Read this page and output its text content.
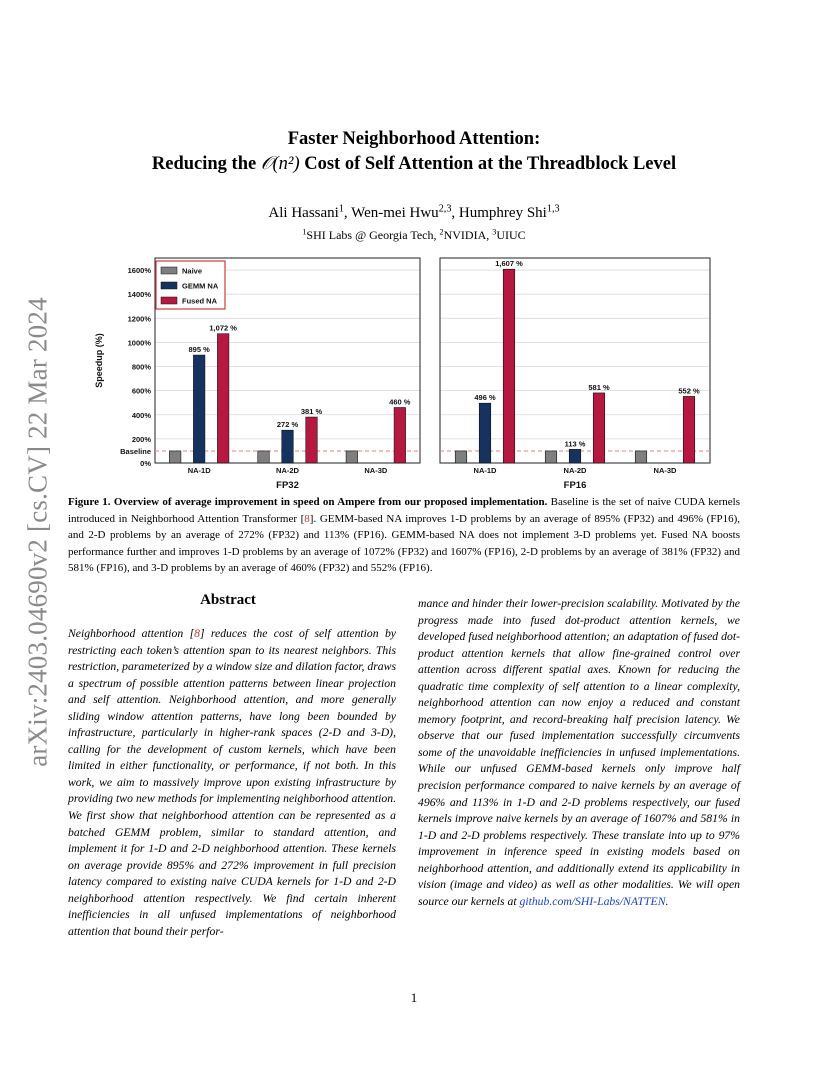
arXiv:2403.04690v2 [cs.CV] 22 Mar 2024
Faster Neighborhood Attention:
Reducing the 𝒪(n²) Cost of Self Attention at the Threadblock Level
Ali Hassani$^1$, Wen-mei Hwu$^{2,3}$, Humphrey Shi$^{1,3}$
$^1$SHI Labs @ Georgia Tech, $^2$NVIDIA, $^3$UIUC
895 %
1,072 %
NA-1D
272 %
381 %
NA-2D
460 %
NA-3D
FP32
496 %
1,607 %
NA-1D
113 %
581 %
NA-2D
552 %
NA-3D
FP16
0%
Baseline
200%
400%
600%
800%
1000%
1200%
1400%
1600%
Speedup (%)
Naive
GEMM NA
Fused NA
Figure 1. Overview of average improvement in speed on Ampere from our proposed implementation. Baseline is the set of naive CUDA kernels introduced in Neighborhood Attention Transformer [8]. GEMM-based NA improves 1-D problems by an average of 895% (FP32) and 496% (FP16), and 2-D problems by an average of 272% (FP32) and 113% (FP16). GEMM-based NA does not implement 3-D problems yet. Fused NA boosts performance further and improves 1-D problems by an average of 1072% (FP32) and 1607% (FP16), 2-D problems by an average of 381% (FP32) and 581% (FP16), and 3-D problems by an average of 460% (FP32) and 552% (FP16).
Abstract
Neighborhood attention [8] reduces the cost of self attention by restricting each token’s attention span to its nearest neighbors. This restriction, parameterized by a window size and dilation factor, draws a spectrum of possible attention patterns between linear projection and self attention. Neighborhood attention, and more generally sliding window attention patterns, have long been bounded by infrastructure, particularly in higher-rank spaces (2-D and 3-D), calling for the development of custom kernels, which have been limited in either functionality, or performance, if not both. In this work, we aim to massively improve upon existing infrastructure by providing two new methods for implementing neighborhood attention. We first show that neighborhood attention can be represented as a batched GEMM problem, similar to standard attention, and implement it for 1-D and 2-D neighborhood attention. These kernels on average provide 895% and 272% improvement in full precision latency compared to existing naive CUDA kernels for 1-D and 2-D neighborhood attention respectively. We find certain inherent inefficiencies in all unfused implementations of neighborhood attention that bound their perfor-
mance and hinder their lower-precision scalability. Motivated by the progress made into fused dot-product attention kernels, we developed fused neighborhood attention; an adaptation of fused dot-product attention kernels that allow fine-grained control over attention across different spatial axes. Known for reducing the quadratic time complexity of self attention to a linear complexity, neighborhood attention can now enjoy a reduced and constant memory footprint, and record-breaking half precision latency. We observe that our fused implementation successfully circumvents some of the unavoidable inefficiencies in unfused implementations. While our unfused GEMM-based kernels only improve half precision performance compared to naive kernels by an average of 496% and 113% in 1-D and 2-D problems respectively, our fused kernels improve naive kernels by an average of 1607% and 581% in 1-D and 2-D problems respectively. These translate into up to 97% improvement in inference speed in existing models based on neighborhood attention, and additionally extend its applicability in vision (image and video) as well as other modalities. We will open source our kernels at github.com/SHI-Labs/NATTEN.
1
